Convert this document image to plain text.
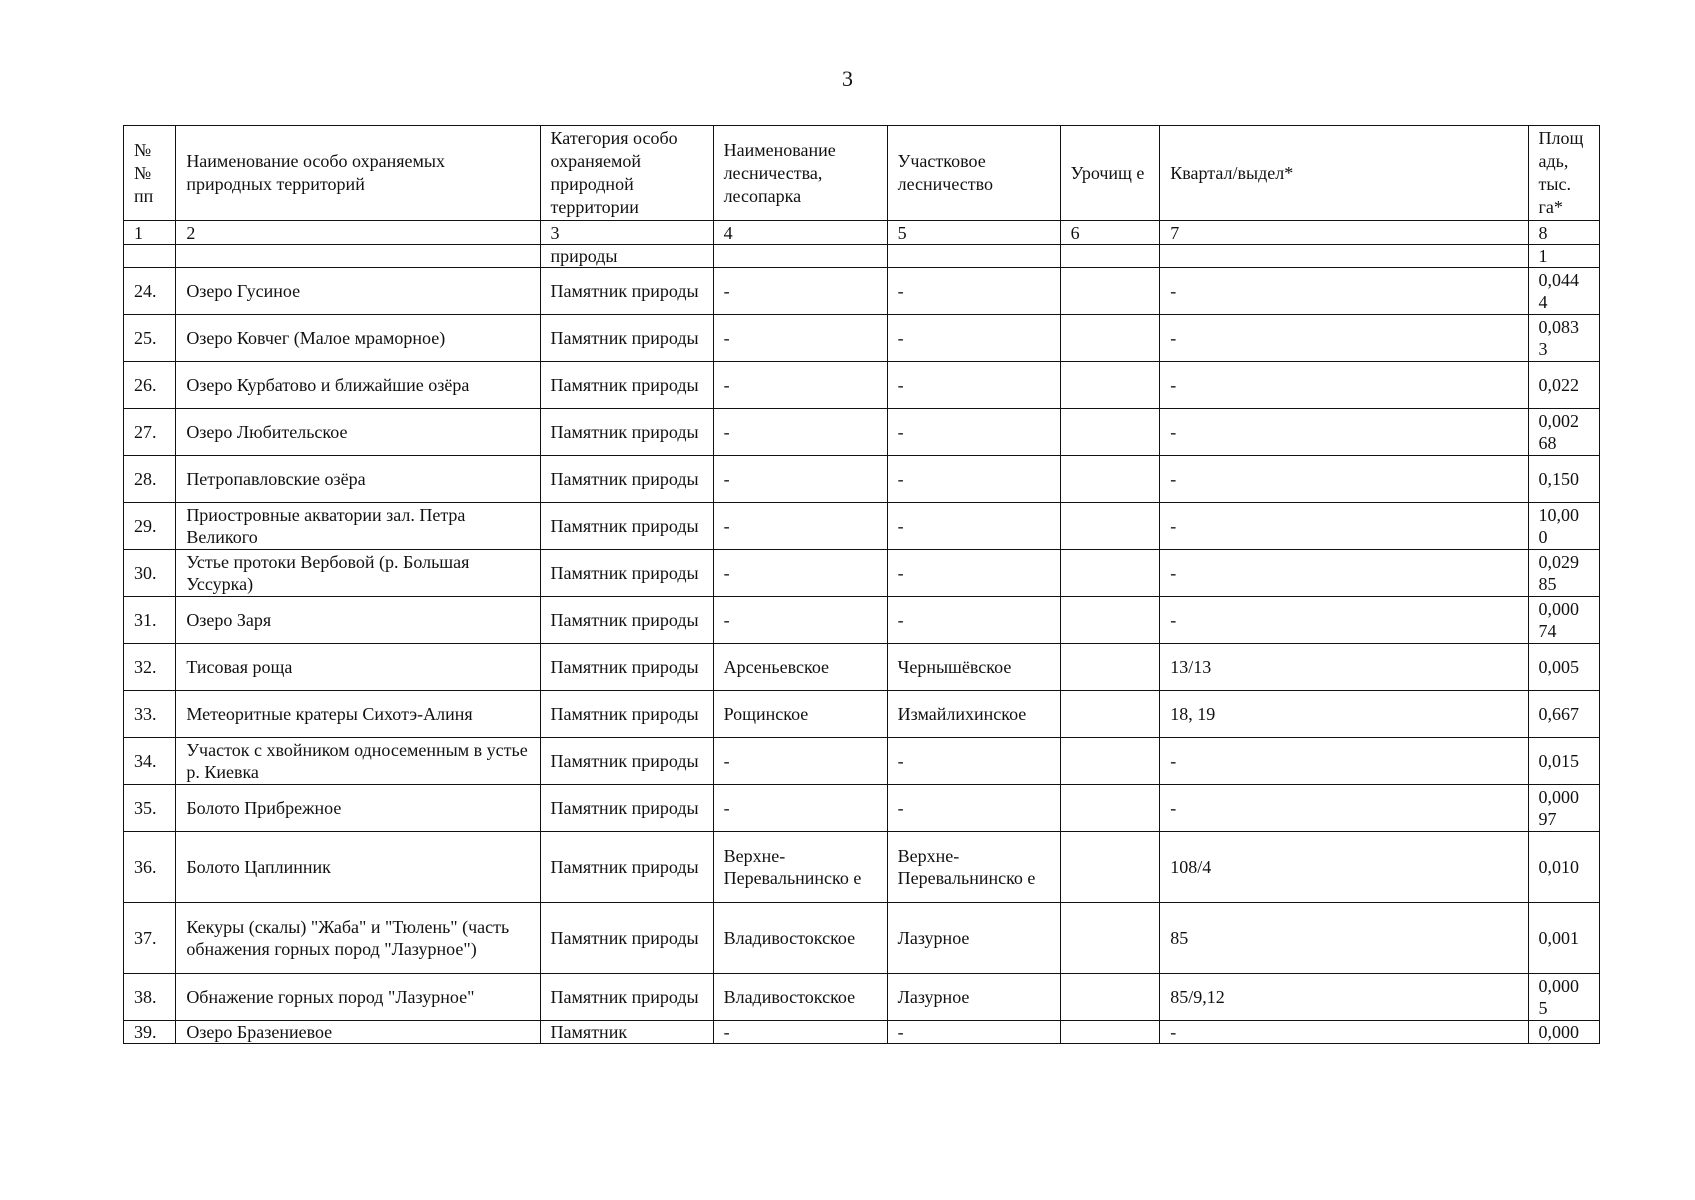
3
№
№
пп	Наименование особо охраняемых природных территорий	Категория особо охраняемой природной территории	Наименование лесничества, лесопарка	Участковое лесничество	Урочищ е	Квартал/выдел*	Площ адь, тыс. га*
1	2	3	4	5	6	7	8
		природы					1
24.	Озеро Гусиное	Памятник природы	-	-		-	0,044 4
25.	Озеро Ковчег (Малое мраморное)	Памятник природы	-	-		-	0,083 3
26.	Озеро Курбатово и ближайшие озёра	Памятник природы	-	-		-	0,022
27.	Озеро Любительское	Памятник природы	-	-		-	0,002 68
28.	Петропавловские озёра	Памятник природы	-	-		-	0,150
29.	Приостровные акватории зал. Петра Великого	Памятник природы	-	-		-	10,00 0
30.	Устье протоки Вербовой (р. Большая Уссурка)	Памятник природы	-	-		-	0,029 85
31.	Озеро Заря	Памятник природы	-	-		-	0,000 74
32.	Тисовая роща	Памятник природы	Арсеньевское	Чернышёвское		13/13	0,005
33.	Метеоритные кратеры Сихотэ-Алиня	Памятник природы	Рощинское	Измайлихинское		18, 19	0,667
34.	Участок с хвойником односеменным в устье р. Киевка	Памятник природы	-	-		-	0,015
35.	Болото Прибрежное	Памятник природы	-	-		-	0,000 97
36.	Болото Цаплинник	Памятник природы	Верхне-Перевальнинско е	Верхне-Перевальнинско е		108/4	0,010
37.	Кекуры (скалы) "Жаба" и "Тюлень" (часть обнажения горных пород "Лазурное")	Памятник природы	Владивостокское	Лазурное		85	0,001
38.	Обнажение горных пород "Лазурное"	Памятник природы	Владивостокское	Лазурное		85/9,12	0,000 5
39.	Озеро Бразениевое	Памятник	-	-		-	0,000
